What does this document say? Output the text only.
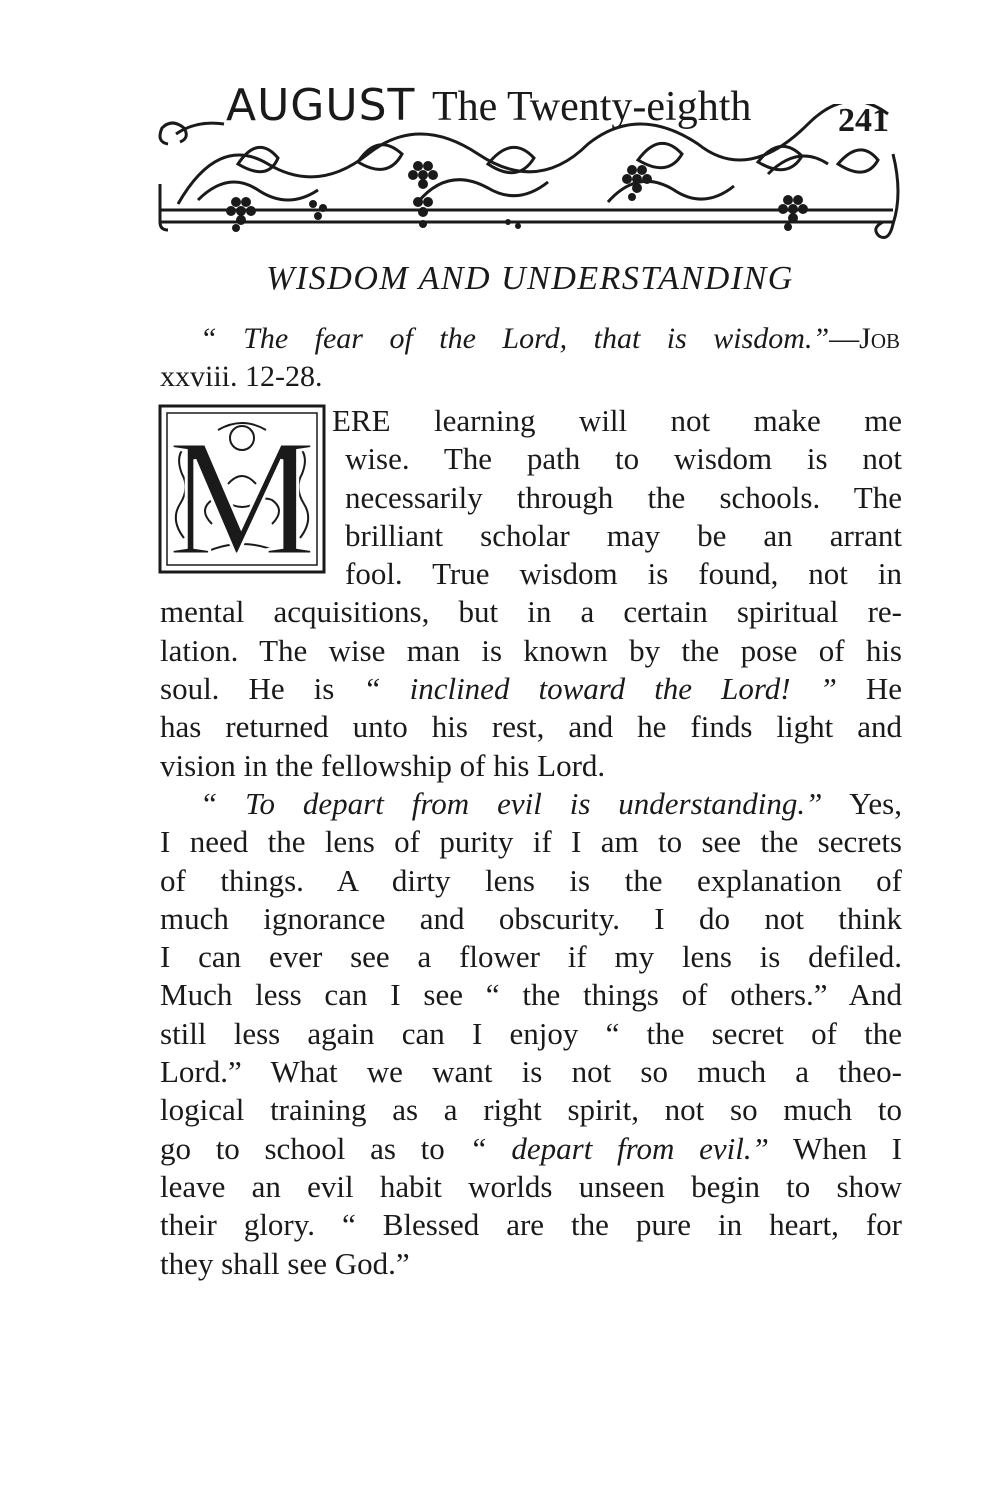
AUGUST The Twenty-eighth	241
WISDOM AND UNDERSTANDING
“ The fear of the Lord, that is wisdom.”—Job
xxviii. 12-28.
M ERE learning will not make me
wise. The path to wisdom is not
necessarily through the schools. The
brilliant scholar may be an arrant
fool. True wisdom is found, not in
mental acquisitions, but in a certain spiritual re-
lation. The wise man is known by the pose of his
soul. He is “ inclined toward the Lord! ” He
has returned unto his rest, and he finds light and
vision in the fellowship of his Lord.
“ To depart from evil is understanding.” Yes,
I need the lens of purity if I am to see the secrets
of things. A dirty lens is the explanation of
much ignorance and obscurity. I do not think
I can ever see a flower if my lens is defiled.
Much less can I see “ the things of others.” And
still less again can I enjoy “ the secret of the
Lord.” What we want is not so much a theo-
logical training as a right spirit, not so much to
go to school as to “ depart from evil.” When I
leave an evil habit worlds unseen begin to show
their glory. “ Blessed are the pure in heart, for
they shall see God.”
